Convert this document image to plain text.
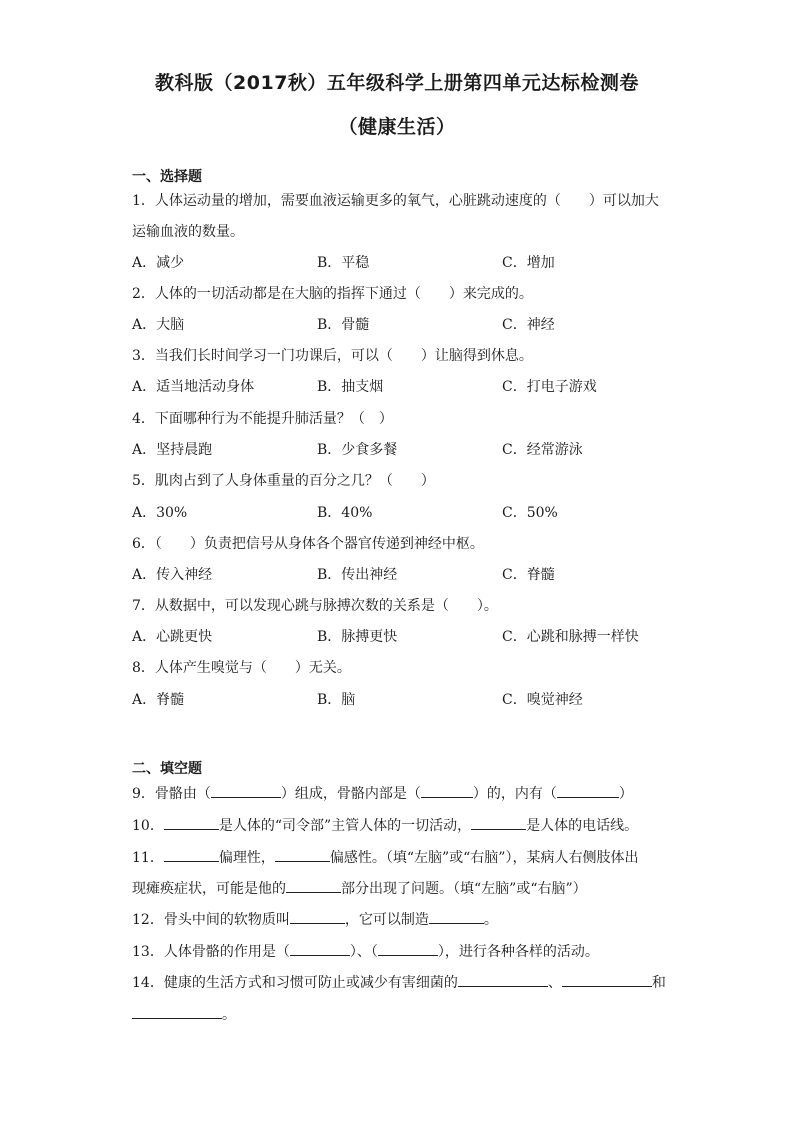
教科版（2017秋）五年级科学上册第四单元达标检测卷
（健康生活）
一、选择题
1．人体运动量的增加，需要血液运输更多的氧气，心脏跳动速度的（　　）可以加大
运输血液的数量。
A．减少	B．平稳	C．增加
2．人体的一切活动都是在大脑的指挥下通过（　　）来完成的。
A．大脑	B．骨髓	C．神经
3．当我们长时间学习一门功课后，可以（　　）让脑得到休息。
A．适当地活动身体	B．抽支烟	C．打电子游戏
4．下面哪种行为不能提升肺活量？（　）
A．坚持晨跑	B．少食多餐	C．经常游泳
5．肌肉占到了人身体重量的百分之几？（　　）
A．30%	B．40%	C．50%
6．（　　）负责把信号从身体各个器官传递到神经中枢。
A．传入神经	B．传出神经	C．脊髓
7．从数据中，可以发现心跳与脉搏次数的关系是（　　）。
A．心跳更快	B．脉搏更快	C．心跳和脉搏一样快
8．人体产生嗅觉与（　　）无关。
A．脊髓	B．脑	C．嗅觉神经
二、填空题
9．骨骼由（	）组成，骨骼内部是（	）的，内有（	）
10．	是人体的“司令部”主管人体的一切活动，	是人体的电话线。
11．	偏理性，	偏感性。（填“左脑”或“右脑”），某病人右侧肢体出
现瘫痪症状，可能是他的	部分出现了问题。（填“左脑”或“右脑”）
12．骨头中间的软物质叫	，它可以制造	。
13．人体骨骼的作用是（	）、（	），进行各种各样的活动。
14．健康的生活方式和习惯可防止或减少有害细菌的	、	和
。
